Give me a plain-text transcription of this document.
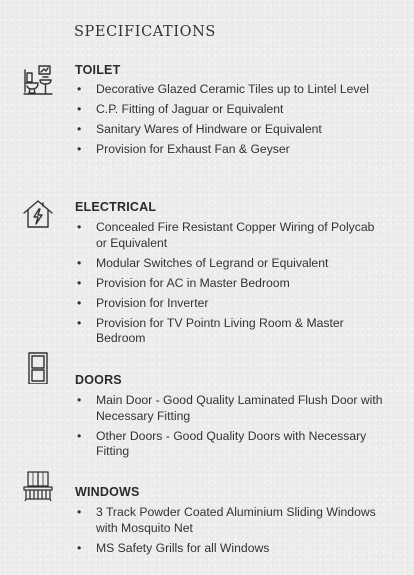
SPECIFICATIONS
TOILET
• Decorative Glazed Ceramic Tiles up to Lintel Level
• C.P. Fitting of Jaguar or Equivalent
• Sanitary Wares of Hindware or Equivalent
• Provision for Exhaust Fan & Geyser
ELECTRICAL
• Concealed Fire Resistant Copper Wiring of Polycab or Equivalent
• Modular Switches of Legrand or Equivalent
• Provision for AC in Master Bedroom
• Provision for Inverter
• Provision for TV Pointn Living Room & Master Bedroom
DOORS
• Main Door - Good Quality Laminated Flush Door with Necessary Fitting
• Other Doors - Good Quality Doors with Necessary Fitting
WINDOWS
• 3 Track Powder Coated Aluminium Sliding Windows with Mosquito Net
• MS Safety Grills for all Windows
